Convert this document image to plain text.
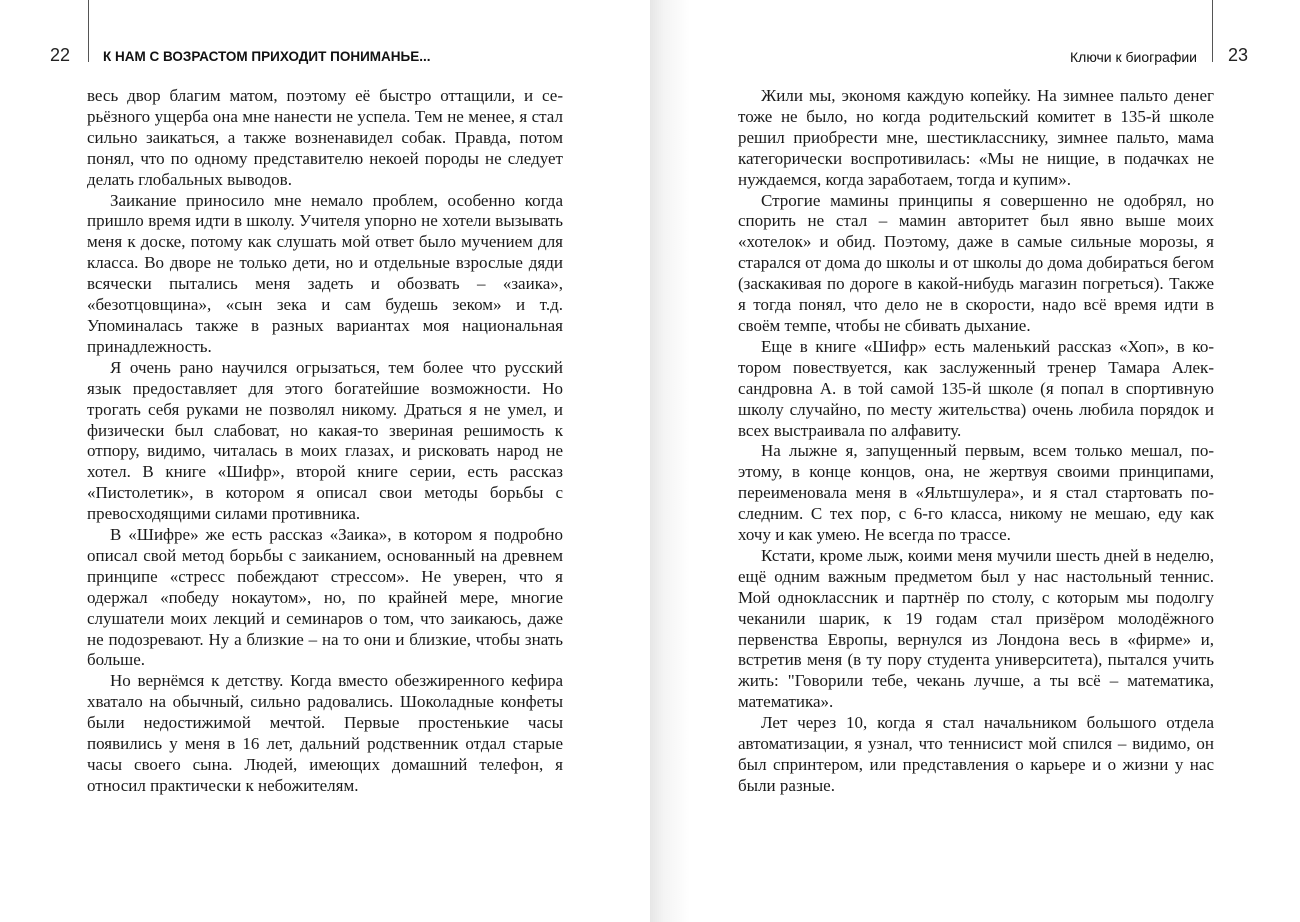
22 К НАМ С ВОЗРАСТОМ ПРИХОДИТ ПОНИМАНЬЕ...

весь двор благим матом, поэтому её быстро оттащили, и серьёзного ущерба она мне нанести не успела. Тем не менее, я стал сильно заикаться, а также возненавидел собак. Правда, потом понял, что по одному представителю некоей породы не следует делать глобальных выводов.

Заикание приносило мне немало проблем, особенно когда пришло время идти в школу. Учителя упорно не хотели вызывать меня к доске, потому как слушать мой ответ было мучением для класса. Во дворе не только дети, но и отдельные взрослые дяди всячески пытались меня задеть и обозвать – «заика», «безотцовщина», «сын зека и сам будешь зеком» и т.д. Упоминалась также в разных вариантах моя национальная принадлежность.

Я очень рано научился огрызаться, тем более что русский язык предоставляет для этого богатейшие возможности. Но трогать себя руками не позволял никому. Драться я не умел, и физически был слабоват, но какая-то звериная решимость к отпору, видимо, читалась в моих глазах, и рисковать народ не хотел. В книге «Шифр», второй книге серии, есть рассказ «Пистолетик», в котором я описал свои методы борьбы с превосходящими силами противника.

В «Шифре» же есть рассказ «Заика», в котором я подробно описал свой метод борьбы с заиканием, основанный на древнем принципе «стресс побеждают стрессом». Не уверен, что я одержал «победу нокаутом», но, по крайней мере, многие слушатели моих лекций и семинаров о том, что заикаюсь, даже не подозревают. Ну а близкие – на то они и близкие, чтобы знать больше.

Но вернёмся к детству. Когда вместо обезжиренного кефира хватало на обычный, сильно радовались. Шоколадные конфеты были недостижимой мечтой. Первые простенькие часы появились у меня в 16 лет, дальний родственник отдал старые часы своего сына. Людей, имеющих домашний телефон, я относил практически к небожителям.

Ключи к биографии 23

Жили мы, экономя каждую копейку. На зимнее пальто денег тоже не было, но когда родительский комитет в 135-й школе решил приобрести мне, шестикласснику, зимнее пальто, мама категорически воспротивилась: «Мы не нищие, в подачках не нуждаемся, когда заработаем, тогда и купим».

Строгие мамины принципы я совершенно не одобрял, но спорить не стал – мамин авторитет был явно выше моих «хотелок» и обид. Поэтому, даже в самые сильные морозы, я старался от дома до школы и от школы до дома добираться бегом (заскакивая по дороге в какой-нибудь магазин погреться). Также я тогда понял, что дело не в скорости, надо всё время идти в своём темпе, чтобы не сбивать дыхание.

Еще в книге «Шифр» есть маленький рассказ «Хоп», в котором повествуется, как заслуженный тренер Тамара Александровна А. в той самой 135-й школе (я попал в спортивную школу случайно, по месту жительства) очень любила порядок и всех выстраивала по алфавиту.

На лыжне я, запущенный первым, всем только мешал, поэтому, в конце концов, она, не жертвуя своими принципами, переименовала меня в «Яльтшулера», и я стал стартовать последним. С тех пор, с 6-го класса, никому не мешаю, еду как хочу и как умею. Не всегда по трассе.

Кстати, кроме лыж, коими меня мучили шесть дней в неделю, ещё одним важным предметом был у нас настольный теннис. Мой одноклассник и партнёр по столу, с которым мы подолгу чеканили шарик, к 19 годам стал призёром молодёжного первенства Европы, вернулся из Лондона весь в «фирме» и, встретив меня (в ту пору студента университета), пытался учить жить: "Говорили тебе, чекань лучше, а ты всё – математика, математика».

Лет через 10, когда я стал начальником большого отдела автоматизации, я узнал, что теннисист мой спился – видимо, он был спринтером, или представления о карьере и о жизни у нас были разные.
